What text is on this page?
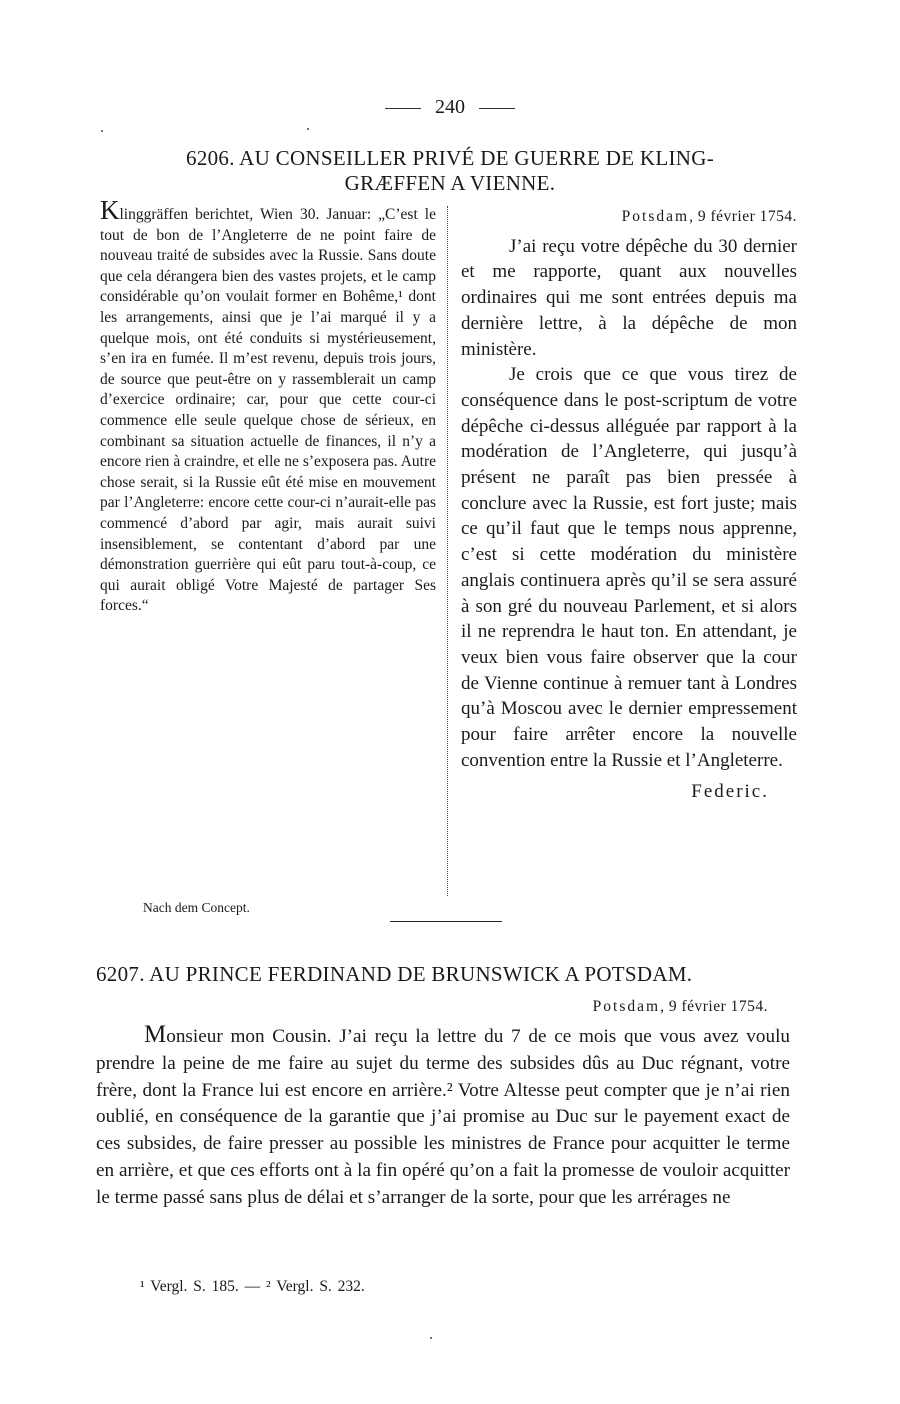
240
6206. AU CONSEILLER PRIVÉ DE GUERRE DE KLING-
GRÆFFEN A VIENNE.
Klinggräffen berichtet, Wien 30. Januar: „C’est le tout de bon de l’Angleterre de ne point faire de nouveau traité de subsides avec la Russie. Sans doute que cela dérangera bien des vastes projets, et le camp considérable qu’on voulait former en Bohême,¹ dont les arrangements, ainsi que je l’ai marqué il y a quelque mois, ont été conduits si mystérieusement, s’en ira en fumée. Il m’est revenu, depuis trois jours, de source que peut-être on y rassemblerait un camp d’exercice ordinaire; car, pour que cette cour-ci commence elle seule quelque chose de sérieux, en combinant sa situation actuelle de finances, il n’y a encore rien à craindre, et elle ne s’exposera pas. Autre chose serait, si la Russie eût été mise en mouvement par l’Angleterre: encore cette cour-ci n’aurait-elle pas commencé d’abord par agir, mais aurait suivi insensiblement, se contentant d’abord par une démonstration guerrière qui eût paru tout-à-coup, ce qui aurait obligé Votre Majesté de partager Ses forces.“
Potsdam, 9 février 1754.

J’ai reçu votre dépêche du 30 dernier et me rapporte, quant aux nouvelles ordinaires qui me sont entrées depuis ma dernière lettre, à la dépêche de mon ministère.

Je crois que ce que vous tirez de conséquence dans le post-scriptum de votre dépêche ci-dessus alléguée par rapport à la modération de l’Angleterre, qui jusqu’à présent ne paraît pas bien pressée à conclure avec la Russie, est fort juste; mais ce qu’il faut que le temps nous apprenne, c’est si cette modération du ministère anglais continuera après qu’il se sera assuré à son gré du nouveau Parlement, et si alors il ne reprendra le haut ton. En attendant, je veux bien vous faire observer que la cour de Vienne continue à remuer tant à Londres qu’à Moscou avec le dernier empressement pour faire arrêter encore la nouvelle convention entre la Russie et l’Angleterre.

Federic.
Nach dem Concept.
6207. AU PRINCE FERDINAND DE BRUNSWICK A POTSDAM.
Potsdam, 9 février 1754.
Monsieur mon Cousin. J’ai reçu la lettre du 7 de ce mois que vous avez voulu prendre la peine de me faire au sujet du terme des subsides dûs au Duc régnant, votre frère, dont la France lui est encore en arrière.² Votre Altesse peut compter que je n’ai rien oublié, en conséquence de la garantie que j’ai promise au Duc sur le payement exact de ces subsides, de faire presser au possible les ministres de France pour acquitter le terme en arrière, et que ces efforts ont à la fin opéré qu’on a fait la promesse de vouloir acquitter le terme passé sans plus de délai et s’arranger de la sorte, pour que les arrérages ne
¹ Vergl. S. 185. — ² Vergl. S. 232.
